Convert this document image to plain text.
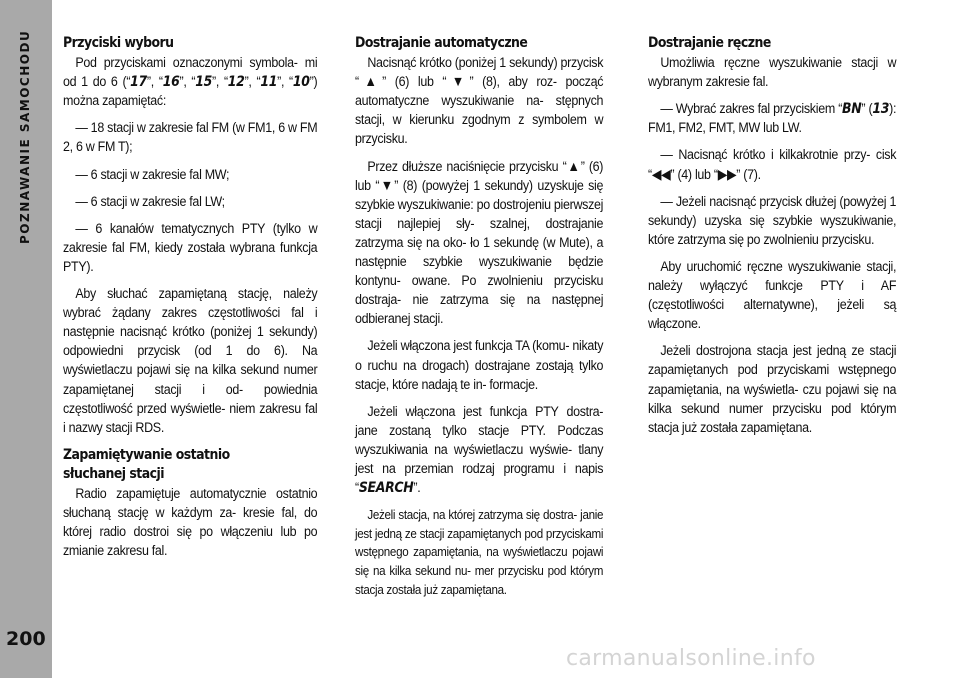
POZNAWANIE SAMOCHODU
200
Przyciski wyboru

Pod przyciskami oznaczonymi symbola- mi od 1 do 6 (“17”, “16”, “15”, “12”, “11”, “10”) można zapamiętać:

— 18 stacji w zakresie fal FM (w FM1, 6 w FM 2, 6 w FM T);

— 6 stacji w zakresie fal MW;

— 6 stacji w zakresie fal LW;

— 6 kanałów tematycznych PTY (tylko w zakresie fal FM, kiedy została wybrana funkcja PTY).

Aby słuchać zapamiętaną stację, należy wybrać żądany zakres częstotliwości fal i następnie nacisnąć krótko (poniżej 1 sekundy) odpowiedni przycisk (od 1 do 6). Na wyświetlaczu pojawi się na kilka sekund numer zapamiętanej stacji i od- powiednia częstotliwość przed wyświetle- niem zakresu fal i nazwy stacji RDS.

Zapamiętywanie ostatnio
słuchanej stacji

Radio zapamiętuje automatycznie ostatnio słuchaną stację w każdym za- kresie fal, do której radio dostroi się po włączeniu lub po zmianie zakresu fal.

Dostrajanie automatyczne

Nacisnąć krótko (poniżej 1 sekundy) przycisk “▲” (6) lub “▼” (8), aby roz- począć automatyczne wyszukiwanie na- stępnych stacji, w kierunku zgodnym z symbolem w przycisku.

Przez dłuższe naciśnięcie przycisku “▲” (6) lub “▼” (8) (powyżej 1 sekundy) uzyskuje się szybkie wyszukiwanie: po dostrojeniu pierwszej stacji najlepiej sły- szalnej, dostrajanie zatrzyma się na oko- ło 1 sekundę (w Mute), a następnie szybkie wyszukiwanie będzie kontynu- owane. Po zwolnieniu przycisku dostraja- nie zatrzyma się na następnej odbieranej stacji.

Jeżeli włączona jest funkcja TA (komu- nikaty o ruchu na drogach) dostrajane zostają tylko stacje, które nadają te in- formacje.

Jeżeli włączona jest funkcja PTY dostra- jane zostaną tylko stacje PTY. Podczas wyszukiwania na wyświetlaczu wyświe- tlany jest na przemian rodzaj programu i napis “SEARCH”.

Jeżeli stacja, na której zatrzyma się dostra- janie jest jedną ze stacji zapamiętanych pod przyciskami wstępnego zapamiętania, na wyświetlaczu pojawi się na kilka sekund nu- mer przycisku pod którym stacja została już zapamiętana.

Dostrajanie ręczne

Umożliwia ręczne wyszukiwanie stacji w wybranym zakresie fal.

— Wybrać zakres fal przyciskiem “BN” (13): FM1, FM2, FMT, MW lub LW.

— Nacisnąć krótko i kilkakrotnie przy- cisk “◀◀” (4) lub “▶▶” (7).

— Jeżeli nacisnąć przycisk dłużej (powyżej 1 sekundy) uzyska się szybkie wyszukiwanie, które zatrzyma się po zwolnieniu przycisku.

Aby uruchomić ręczne wyszukiwanie stacji, należy wyłączyć funkcje PTY i AF (częstotliwości alternatywne), jeżeli są włączone.

Jeżeli dostrojona stacja jest jedną ze stacji zapamiętanych pod przyciskami wstępnego zapamiętania, na wyświetla- czu pojawi się na kilka sekund numer przycisku pod którym stacja już została zapamiętana.

carmanualsonline.info
